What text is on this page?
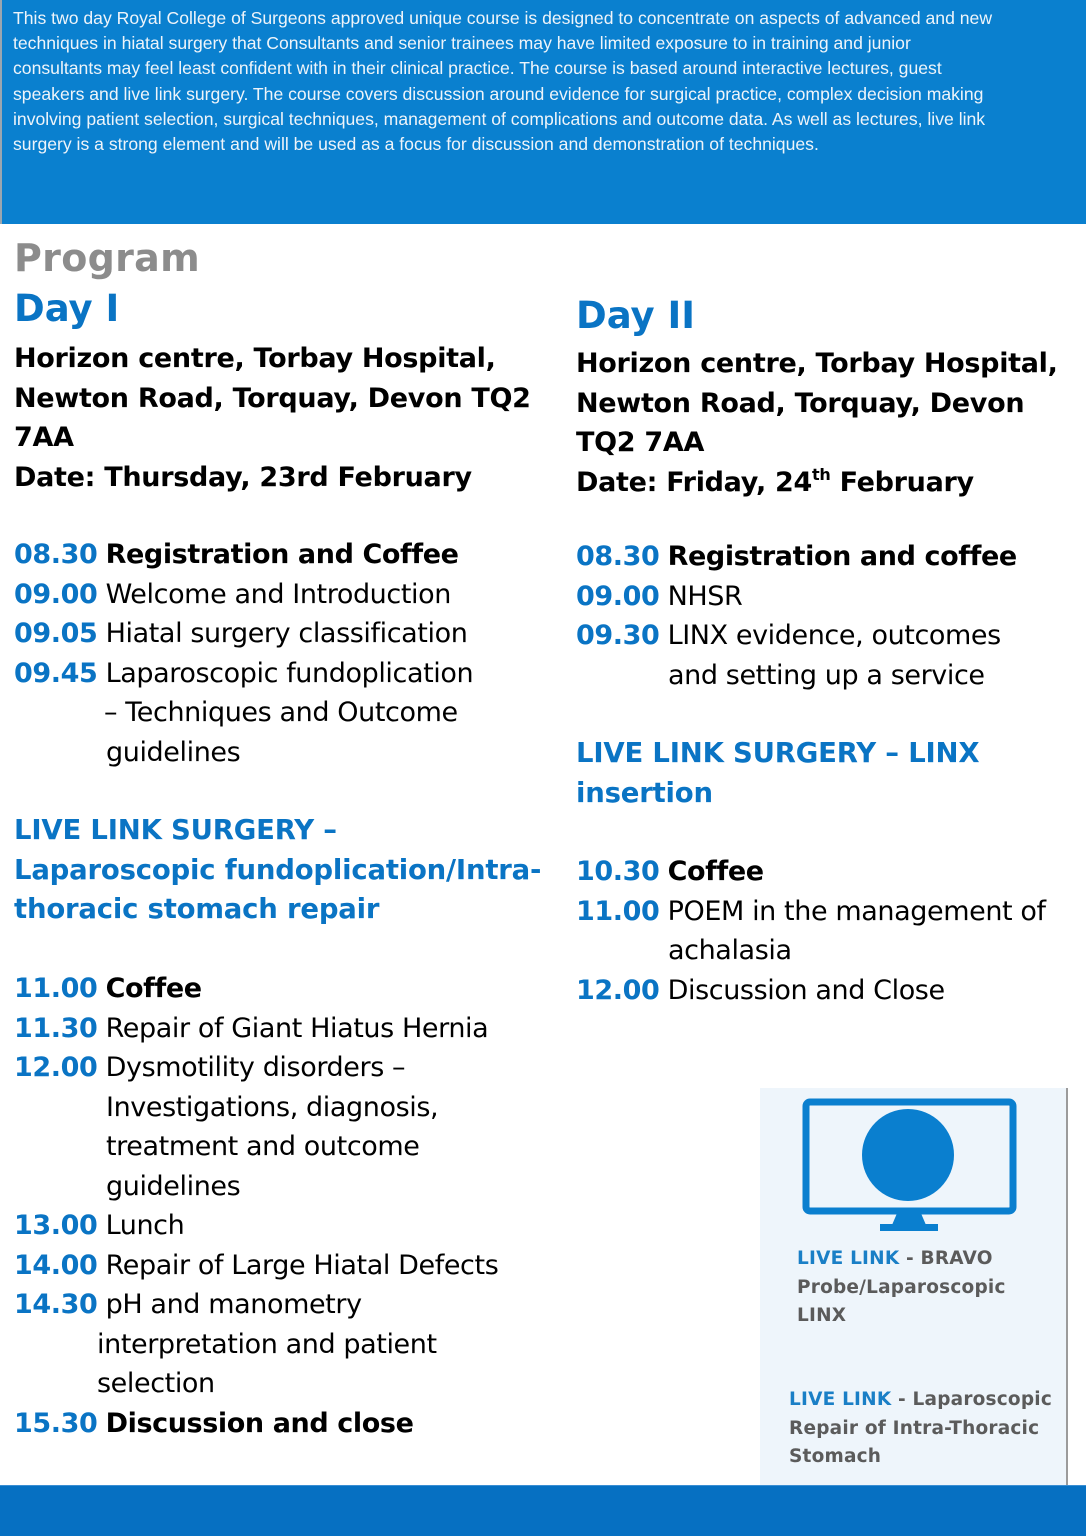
This two day Royal College of Surgeons approved unique course is designed to concentrate on aspects of advanced and new techniques in hiatal surgery that Consultants and senior trainees may have limited exposure to in training and junior consultants may feel least confident with in their clinical practice. The course is based around interactive lectures, guest speakers and live link surgery. The course covers discussion around evidence for surgical practice, complex decision making involving patient selection, surgical techniques, management of complications and outcome data. As well as lectures, live link surgery is a strong element and will be used as a focus for discussion and demonstration of techniques.

Program
Day I
Horizon centre, Torbay Hospital,
Newton Road, Torquay, Devon TQ2
7AA
Date: Thursday, 23rd February
08.30 Registration and Coffee
09.00 Welcome and Introduction
09.05 Hiatal surgery classification
09.45 Laparoscopic fundoplication
– Techniques and Outcome
guidelines
LIVE LINK SURGERY –
Laparoscopic fundoplication/Intra-
thoracic stomach repair
11.00 Coffee
11.30 Repair of Giant Hiatus Hernia
12.00 Dysmotility disorders –
Investigations, diagnosis,
treatment and outcome
guidelines
13.00 Lunch
14.00 Repair of Large Hiatal Defects
14.30 pH and manometry
interpretation and patient
selection
15.30 Discussion and close
Day II
Horizon centre, Torbay Hospital,
Newton Road, Torquay, Devon
TQ2 7AA
Date: Friday, 24th February
08.30 Registration and coffee
09.00 NHSR
09.30 LINX evidence, outcomes
and setting up a service
LIVE LINK SURGERY – LINX
insertion
10.30 Coffee
11.00 POEM in the management of
achalasia
12.00 Discussion and Close
LIVE LINK - BRAVO
Probe/Laparoscopic
LINX
LIVE LINK - Laparoscopic
Repair of Intra-Thoracic
Stomach
